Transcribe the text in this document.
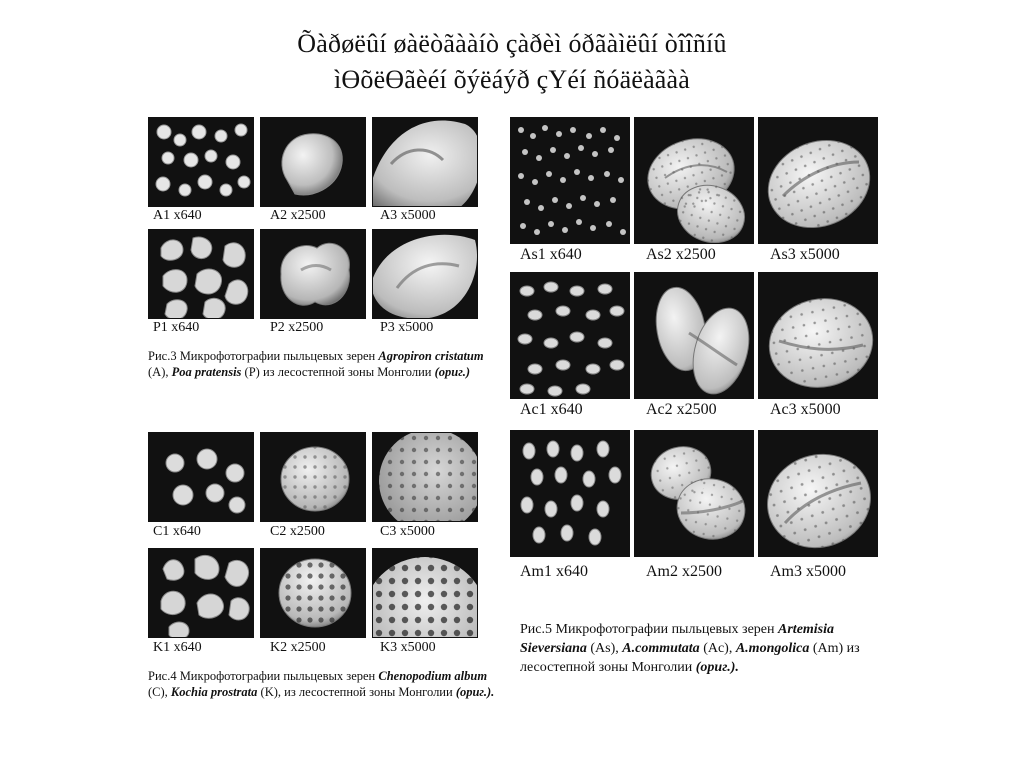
Õàðøëûí øàëòãààíò çàðèì óðãàìëûí òîîñíû
ìӨõëӨãèéí õýëáýð çYéí ñóäëàãàà
A1 x640	A2 x2500	A3 x5000
P1 x640	P2 x2500	P3 x5000
Рис.3 Микрофотографии пыльцевых зерен Agropiron cristatum (A), Poa pratensis (P) из лесостепной зоны Монголии (ориг.)
C1 x640	C2 x2500	C3 x5000
K1 x640	K2 x2500	K3 x5000
Рис.4 Микрофотографии пыльцевых зерен Chenopodium album (C), Kochia prostrata (K), из лесостепной зоны Монголии (ориг.).
As1 x640	As2 x2500	As3 x5000
Ac1 x640	Ac2 x2500	Ac3 x5000
Am1 x640	Am2 x2500	Am3 x5000
Рис.5 Микрофотографии пыльцевых зерен Artemisia Sieversiana (As), A.commutata (Ac), A.mongolica (Am) из лесостепной зоны Монголии (ориг.).
